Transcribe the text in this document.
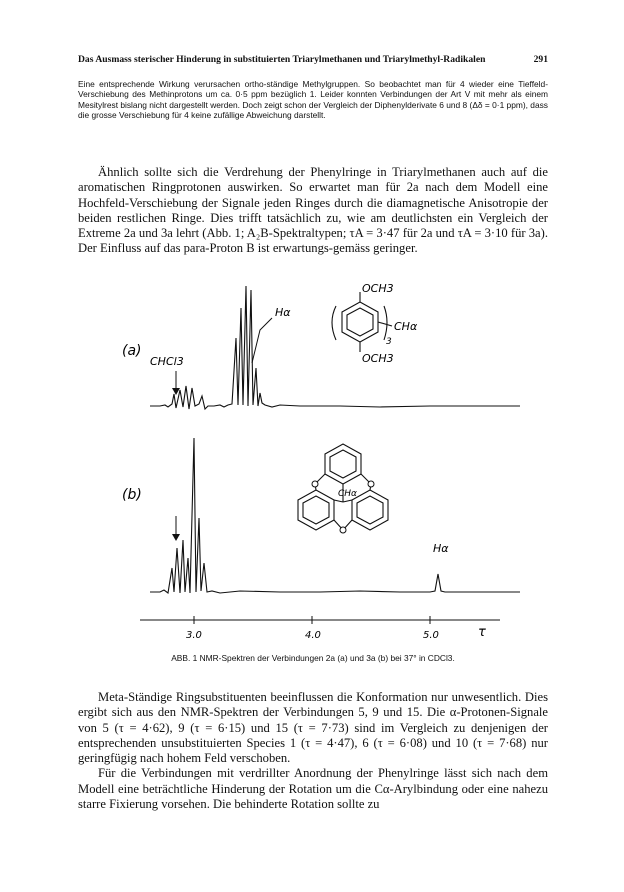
Das Ausmass sterischer Hinderung in substituierten Triarylmethanen und Triarylmethyl-Radikalen	291

Eine entsprechende Wirkung verursachen ortho-ständige Methylgruppen. So beobachtet man für 4 wieder eine Tieffeld-Verschiebung des Methinprotons um ca. 0·5 ppm bezüglich 1. Leider konnten Verbindungen der Art V mit mehr als einem Mesitylrest bislang nicht dargestellt werden. Doch zeigt schon der Vergleich der Diphenylderivate 6 und 8 (Δδ = 0·1 ppm), dass die grosse Verschiebung für 4 keine zufällige Abweichung darstellt.

Ähnlich sollte sich die Verdrehung der Phenylringe in Triarylmethanen auch auf die aromatischen Ringprotonen auswirken. So erwartet man für 2a nach dem Modell eine Hochfeld-Verschiebung der Signale jeden Ringes durch die diamagnetische Anisotropie der beiden restlichen Ringe. Dies trifft tatsächlich zu, wie am deutlichsten ein Vergleich der Extreme 2a und 3a lehrt (Abb. 1; A₂B-Spektraltypen; τA = 3·47 für 2a und τA = 3·10 für 3a). Der Einfluss auf das para-Proton B ist erwartungs-gemäss geringer.

(a)
(b)
CHCl3
Hα
OCH3
OCH3
CHα
3
CHα
Hα
3.0	4.0	5.0	τ
ABB. 1 NMR-Spektren der Verbindungen 2a (a) und 3a (b) bei 37° in CDCl3.

Meta-Ständige Ringsubstituenten beeinflussen die Konformation nur unwesentlich. Dies ergibt sich aus den NMR-Spektren der Verbindungen 5, 9 und 15. Die α-Protonen-Signale von 5 (τ = 4·62), 9 (τ = 6·15) und 15 (τ = 7·73) sind im Vergleich zu denjenigen der entsprechenden unsubstituierten Species 1 (τ = 4·47), 6 (τ = 6·08) und 10 (τ = 7·68) nur geringfügig nach hohem Feld verschoben.

Für die Verbindungen mit verdrillter Anordnung der Phenylringe lässt sich nach dem Modell eine beträchtliche Hinderung der Rotation um die Cα-Arylbindung oder eine nahezu starre Fixierung vorsehen. Die behinderte Rotation sollte zu
